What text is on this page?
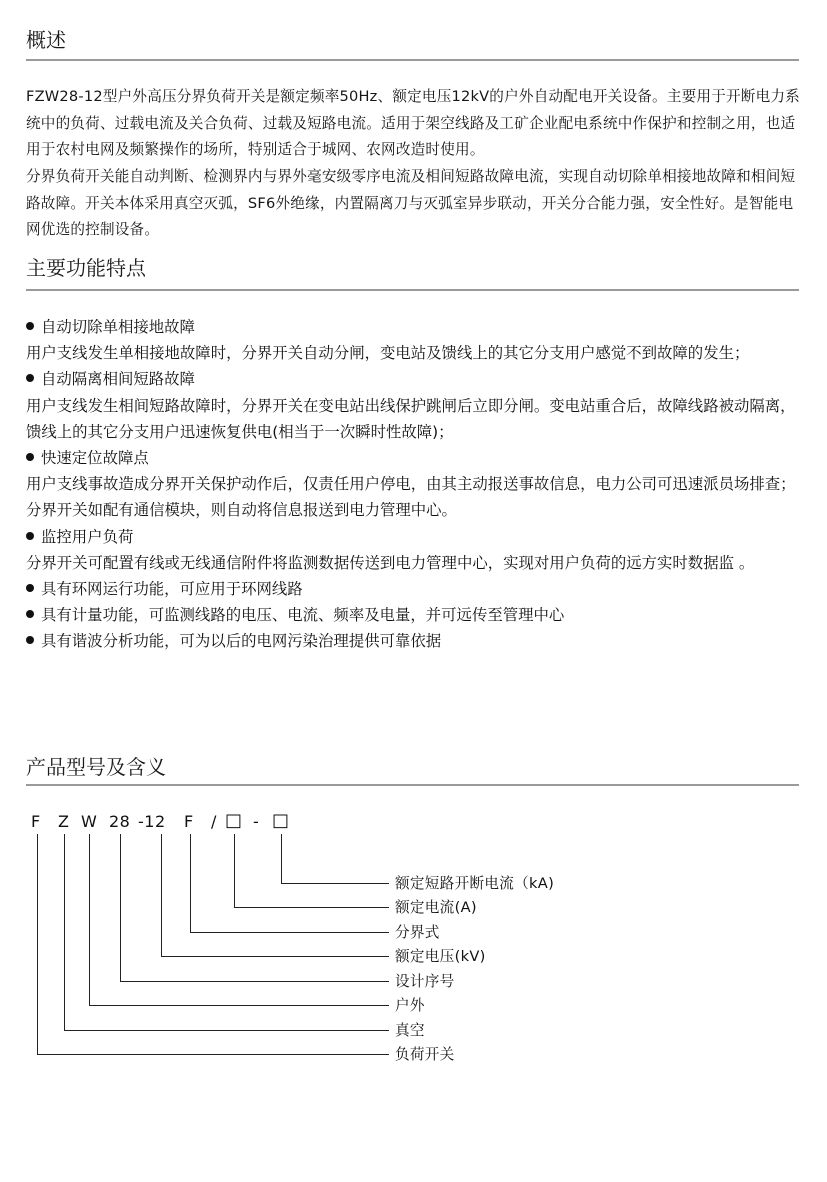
概述

FZW28-12型户外高压分界负荷开关是额定频率50Hz、额定电压12kV的户外自动配电开关设备。主要用于开断电力系统中的负荷、过载电流及关合负荷、过载及短路电流。适用于架空线路及工矿企业配电系统中作保护和控制之用，也适用于农村电网及频繁操作的场所，特别适合于城网、农网改造时使用。

分界负荷开关能自动判断、检测界内与界外毫安级零序电流及相间短路故障电流，实现自动切除单相接地故障和相间短路故障。开关本体采用真空灭弧，SF6外绝缘，内置隔离刀与灭弧室异步联动，开关分合能力强，安全性好。是智能电网优选的控制设备。

主要功能特点

自动切除单相接地故障

用户支线发生单相接地故障时，分界开关自动分闸，变电站及馈线上的其它分支用户感觉不到故障的发生；

自动隔离相间短路故障

用户支线发生相间短路故障时，分界开关在变电站出线保护跳闸后立即分闸。变电站重合后，故障线路被动隔离，馈线上的其它分支用户迅速恢复供电(相当于一次瞬时性故障)；

快速定位故障点

用户支线事故造成分界开关保护动作后，仅责任用户停电，由其主动报送事故信息，电力公司可迅速派员场排查；分界开关如配有通信模块，则自动将信息报送到电力管理中心。

监控用户负荷

分界开关可配置有线或无线通信附件将监测数据传送到电力管理中心，实现对用户负荷的远方实时数据监 。

具有环网运行功能，可应用于环网线路

具有计量功能，可监测线路的电压、电流、频率及电量，并可远传至管理中心

具有谐波分析功能，可为以后的电网污染治理提供可靠依据

产品型号及含义
F Z W 28 -12 F / □ - □
额定短路开断电流（kA)
额定电流(A)
分界式
额定电压(kV)
设计序号
户外
真空
负荷开关
